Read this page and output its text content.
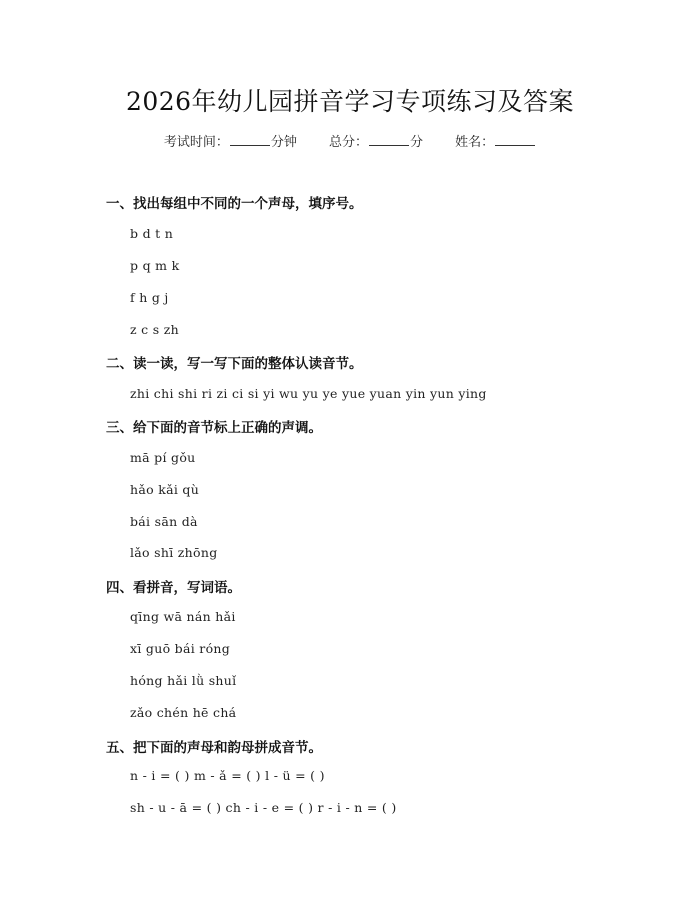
2026年幼儿园拼音学习专项练习及答案
考试时间：	分钟 总分：	分 姓名：
一、找出每组中不同的一个声母，填序号。
b d t n
p q m k
f h g j
z c s zh
二、读一读，写一写下面的整体认读音节。
zhi chi shi ri zi ci si yi wu yu ye yue yuan yin yun ying
三、给下面的音节标上正确的声调。
mā pí gǒu
hǎo kǎi qù
bái sān dà
lǎo shī zhōng
四、看拼音，写词语。
qīng wā nán hǎi
xī guō bái róng
hóng hǎi lǜ shuǐ
zǎo chén hē chá
五、把下面的声母和韵母拼成音节。
n - i = ( ) m - ǎ = ( ) l - ü = ( )
sh - u - ā = ( ) ch - i - e = ( ) r - i - n = ( )
